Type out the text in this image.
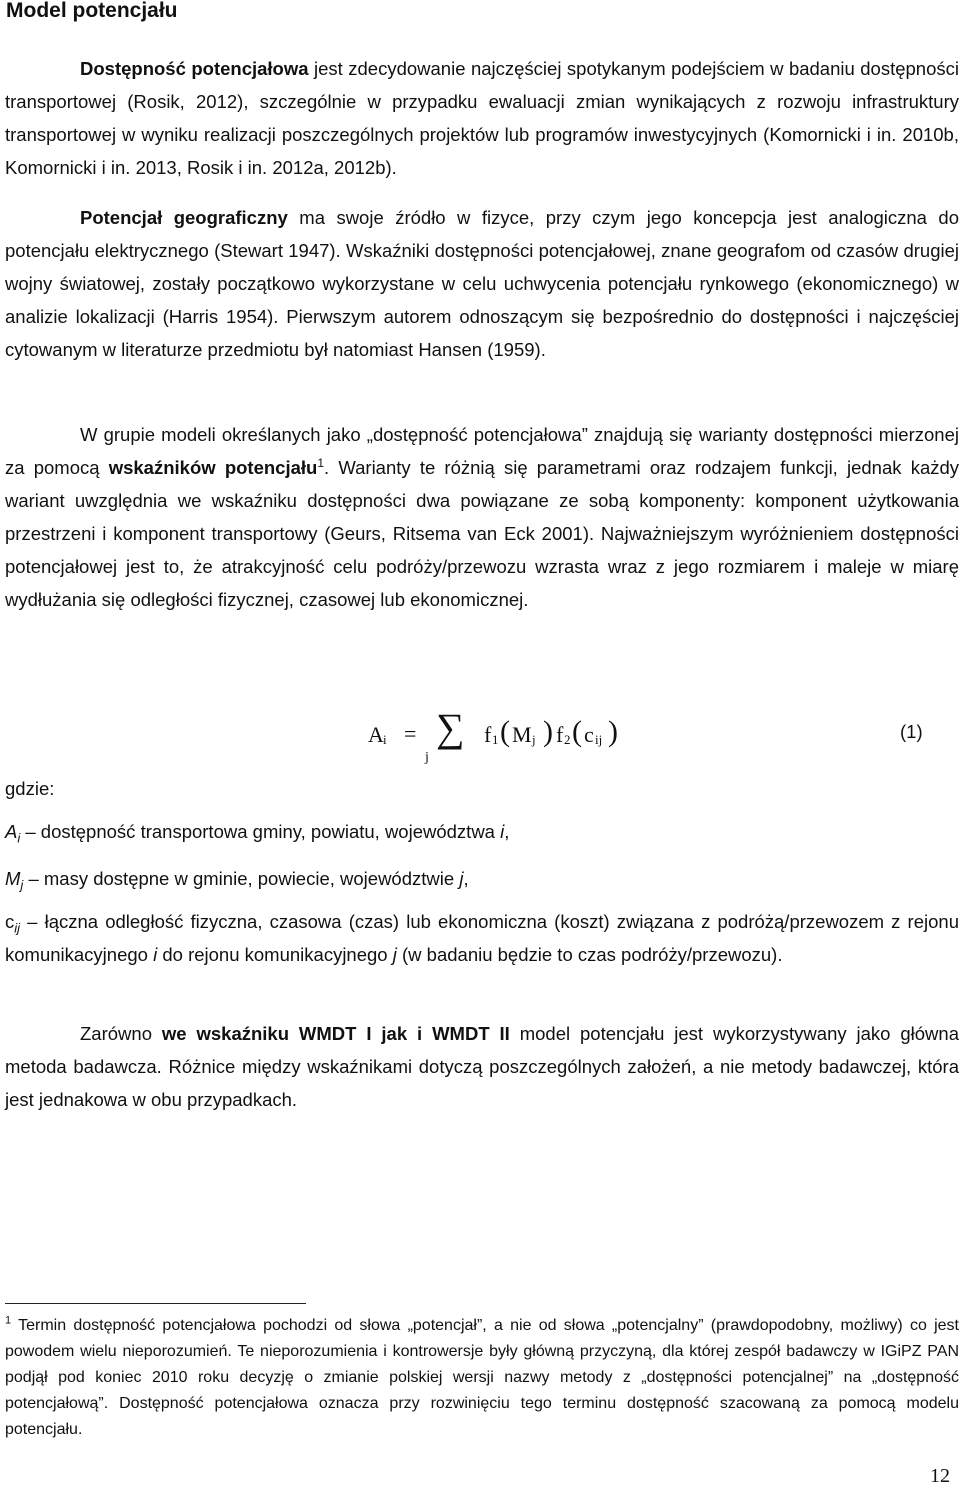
Model potencjału

Dostępność potencjałowa jest zdecydowanie najczęściej spotykanym podejściem w badaniu dostępności transportowej (Rosik, 2012), szczególnie w przypadku ewaluacji zmian wynikających z rozwoju infrastruktury transportowej w wyniku realizacji poszczególnych projektów lub programów inwestycyjnych (Komornicki i in. 2010b, Komornicki i in. 2013, Rosik i in. 2012a, 2012b).

Potencjał geograficzny ma swoje źródło w fizyce, przy czym jego koncepcja jest analogiczna do potencjału elektrycznego (Stewart 1947). Wskaźniki dostępności potencjałowej, znane geografom od czasów drugiej wojny światowej, zostały początkowo wykorzystane w celu uchwycenia potencjału rynkowego (ekonomicznego) w analizie lokalizacji (Harris 1954). Pierwszym autorem odnoszącym się bezpośrednio do dostępności i najczęściej cytowanym w literaturze przedmiotu był natomiast Hansen (1959).

W grupie modeli określanych jako „dostępność potencjałowa” znajdują się warianty dostępności mierzonej za pomocą wskaźników potencjału$^1$. Warianty te różnią się parametrami oraz rodzajem funkcji, jednak każdy wariant uwzględnia we wskaźniku dostępności dwa powiązane ze sobą komponenty: komponent użytkowania przestrzeni i komponent transportowy (Geurs, Ritsema van Eck 2001). Najważniejszym wyróżnieniem dostępności potencjałowej jest to, że atrakcyjność celu podróży/przewozu wzrasta wraz z jego rozmiarem i maleje w miarę wydłużania się odległości fizycznej, czasowej lub ekonomicznej.

A i = ∑
j
f 1 ( M j ) f 2 ( c ij )	(1)
gdzie:

$A_i$ – dostępność transportowa gminy, powiatu, województwa i,

$M_j$ – masy dostępne w gminie, powiecie, województwie j,

$c_{ij}$ – łączna odległość fizyczna, czasowa (czas) lub ekonomiczna (koszt) związana z podróżą/przewozem z rejonu komunikacyjnego i do rejonu komunikacyjnego j (w badaniu będzie to czas podróży/przewozu).

Zarówno we wskaźniku WMDT I jak i WMDT II model potencjału jest wykorzystywany jako główna metoda badawcza. Różnice między wskaźnikami dotyczą poszczególnych założeń, a nie metody badawczej, która jest jednakowa w obu przypadkach.

$^1$ Termin dostępność potencjałowa pochodzi od słowa „potencjał”, a nie od słowa „potencjalny” (prawdopodobny, możliwy) co jest powodem wielu nieporozumień. Te nieporozumienia i kontrowersje były główną przyczyną, dla której zespół badawczy w IGiPZ PAN podjął pod koniec 2010 roku decyzję o zmianie polskiej wersji nazwy metody z „dostępności potencjalnej” na „dostępność potencjałową”. Dostępność potencjałowa oznacza przy rozwinięciu tego terminu dostępność szacowaną za pomocą modelu potencjału.

12
